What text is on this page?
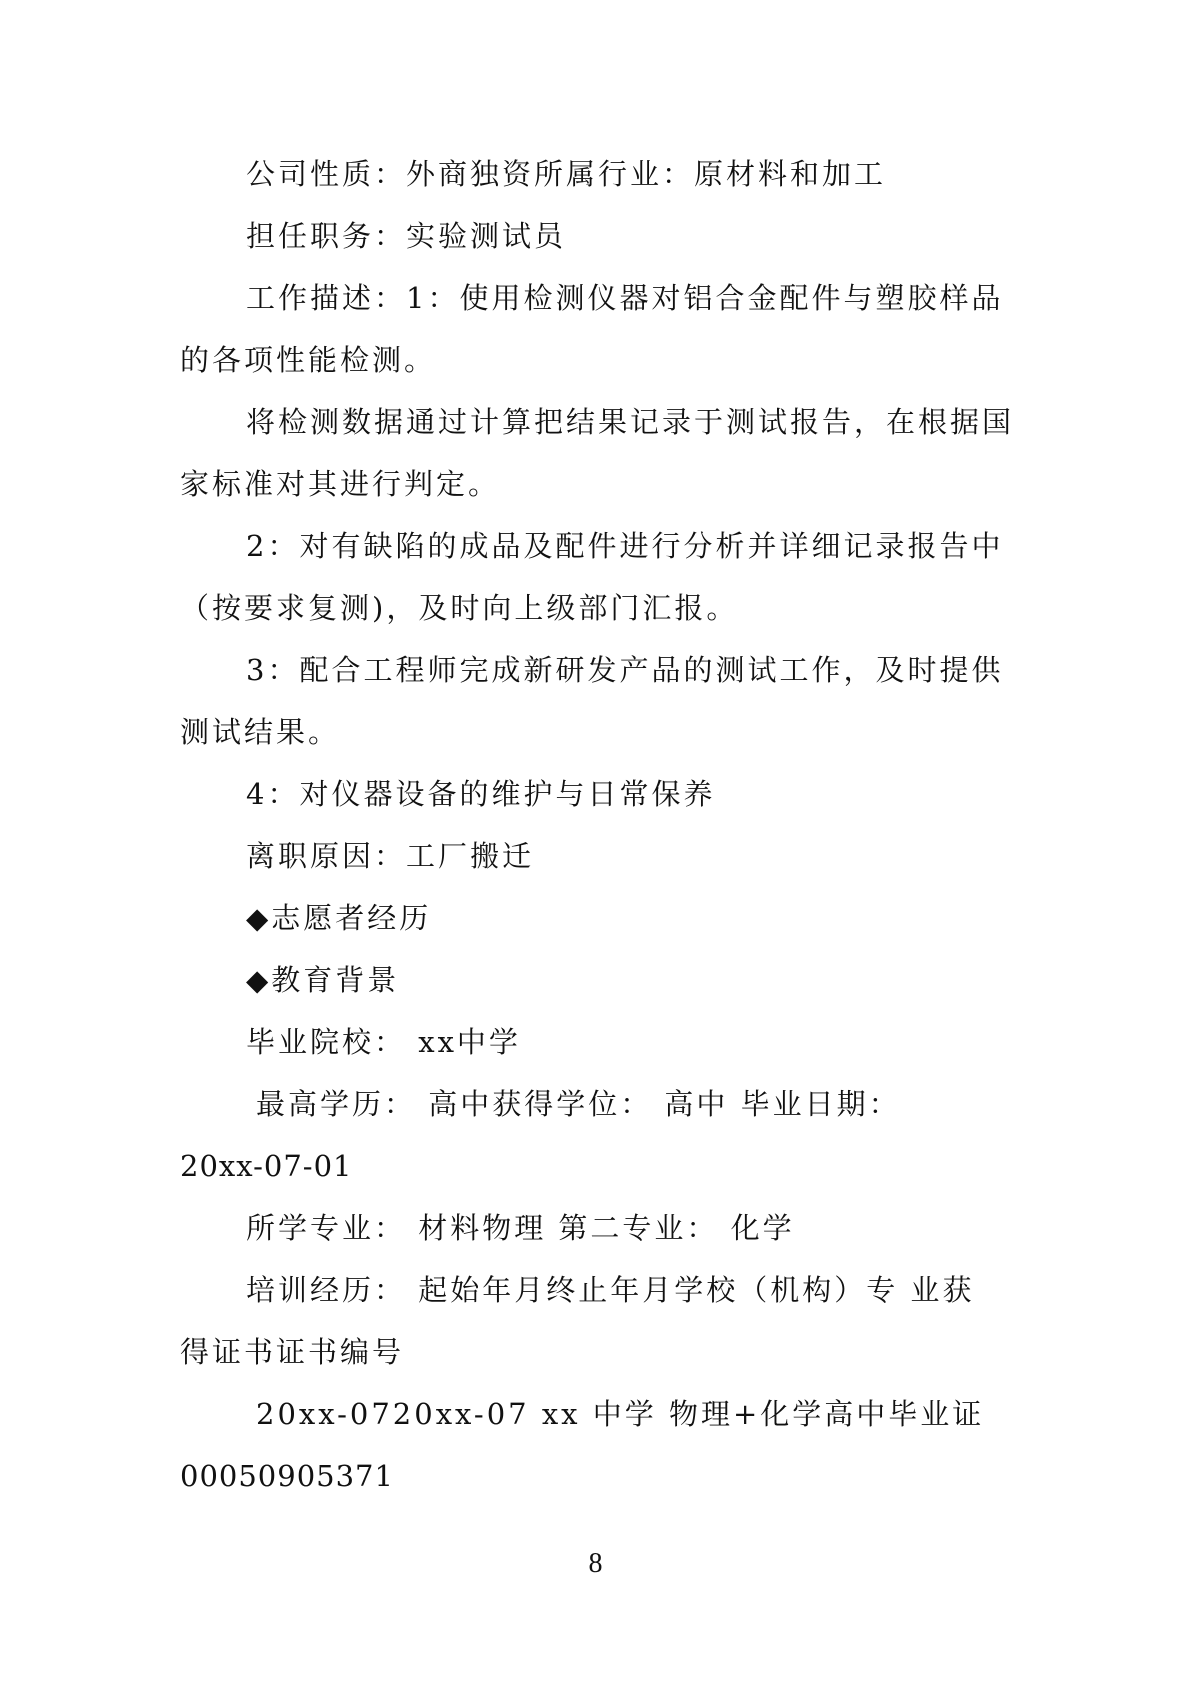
公司性质：外商独资所属行业：原材料和加工
担任职务：实验测试员
工作描述：1：使用检测仪器对铝合金配件与塑胶样品
的各项性能检测。
将检测数据通过计算把结果记录于测试报告，在根据国
家标准对其进行判定。
2：对有缺陷的成品及配件进行分析并详细记录报告中
（按要求复测)，及时向上级部门汇报。
3：配合工程师完成新研发产品的测试工作，及时提供
测试结果。
4：对仪器设备的维护与日常保养
离职原因：工厂搬迁
◆志愿者经历
◆教育背景
毕业院校： xx中学
最高学历： 高中获得学位： 高中 毕业日期：
20xx-07-01
所学专业： 材料物理 第二专业： 化学
培训经历： 起始年月终止年月学校（机构）专 业获
得证书证书编号
20xx-0720xx-07 xx 中学 物理+化学高中毕业证
00050905371
8
